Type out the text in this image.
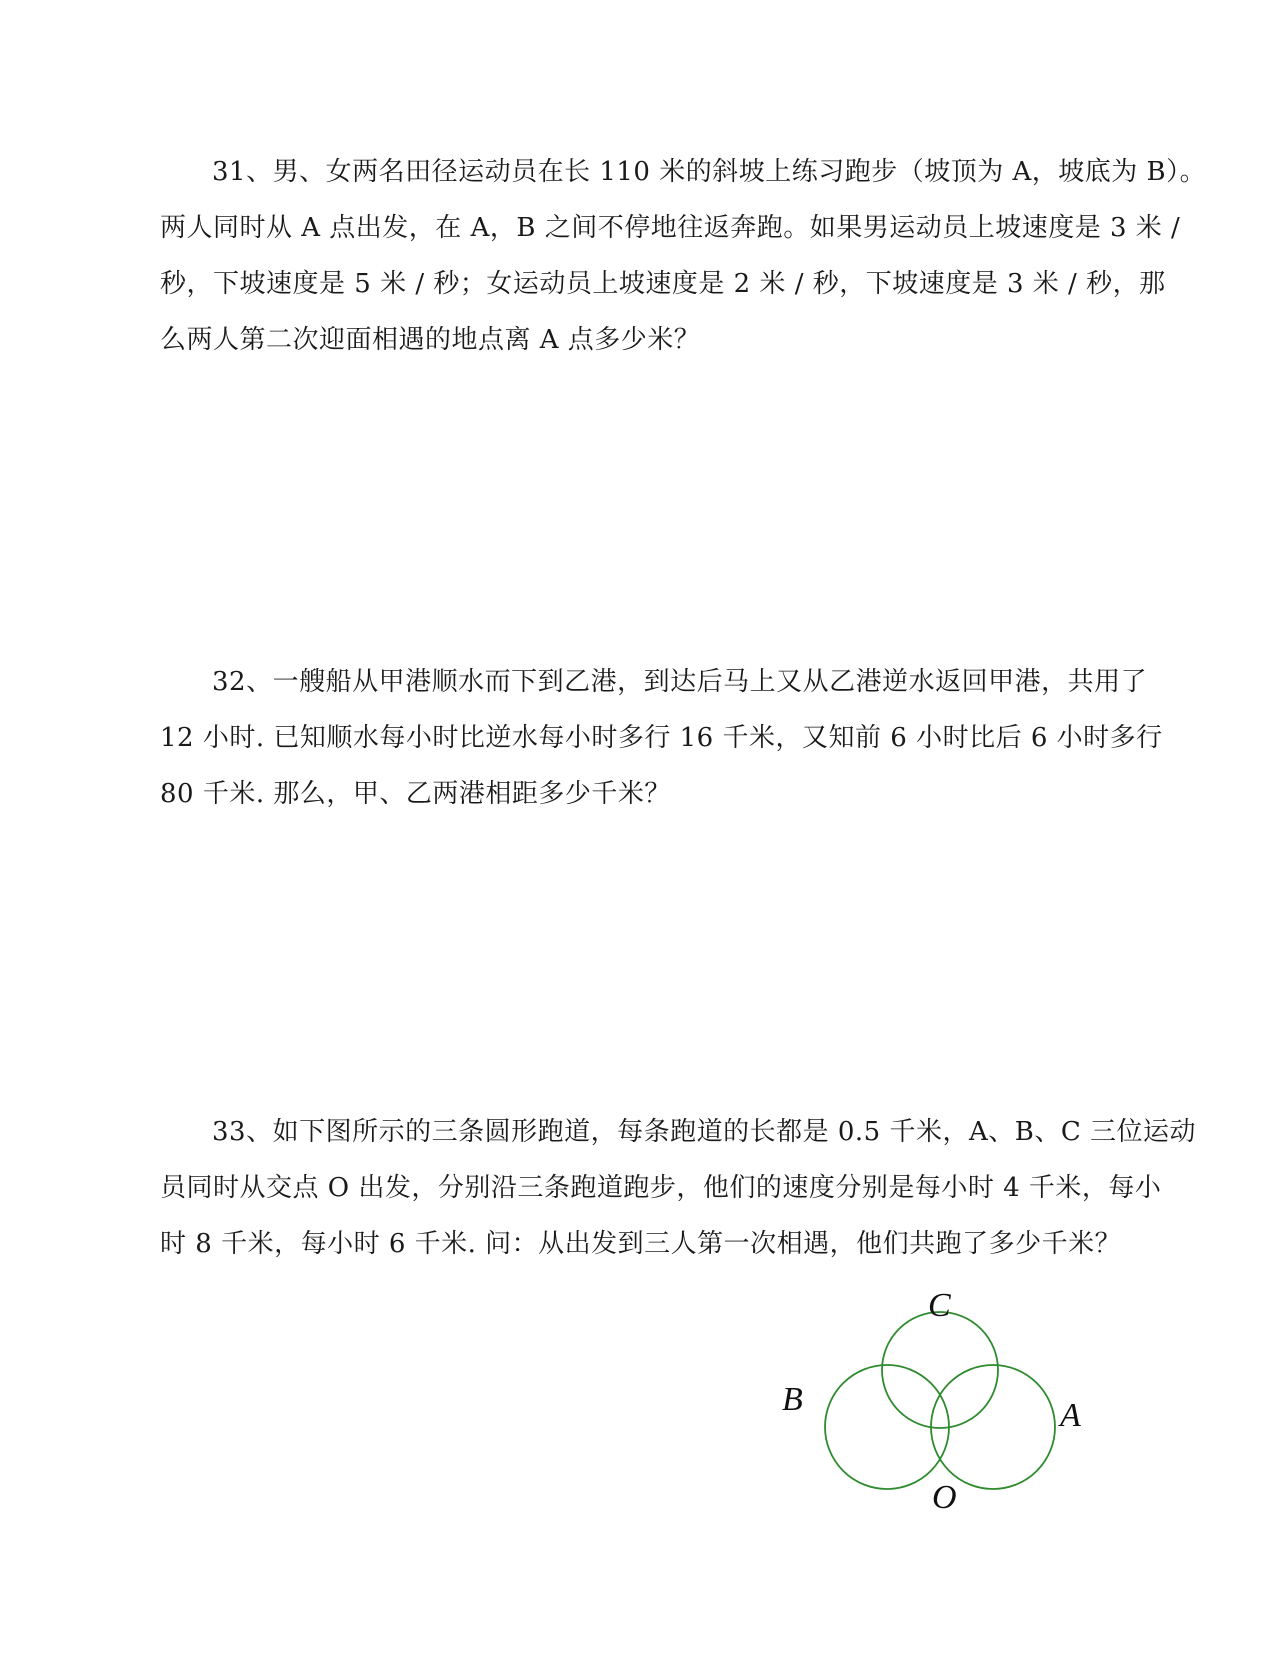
31、男、女两名田径运动员在长 110 米的斜坡上练习跑步（坡顶为 A，坡底为 B）。
两人同时从 A 点出发，在 A，B 之间不停地往返奔跑。如果男运动员上坡速度是 3 米 /
秒，下坡速度是 5 米 / 秒；女运动员上坡速度是 2 米 / 秒，下坡速度是 3 米 / 秒，那
么两人第二次迎面相遇的地点离 A 点多少米？
32、一艘船从甲港顺水而下到乙港，到达后马上又从乙港逆水返回甲港，共用了
12 小时. 已知顺水每小时比逆水每小时多行 16 千米，又知前 6 小时比后 6 小时多行
80 千米. 那么，甲、乙两港相距多少千米？
33、如下图所示的三条圆形跑道，每条跑道的长都是 0.5 千米，A、B、C 三位运动
员同时从交点 O 出发，分别沿三条跑道跑步，他们的速度分别是每小时 4 千米，每小
时 8 千米，每小时 6 千米. 问：从出发到三人第一次相遇，他们共跑了多少千米？
C
B	A
O
